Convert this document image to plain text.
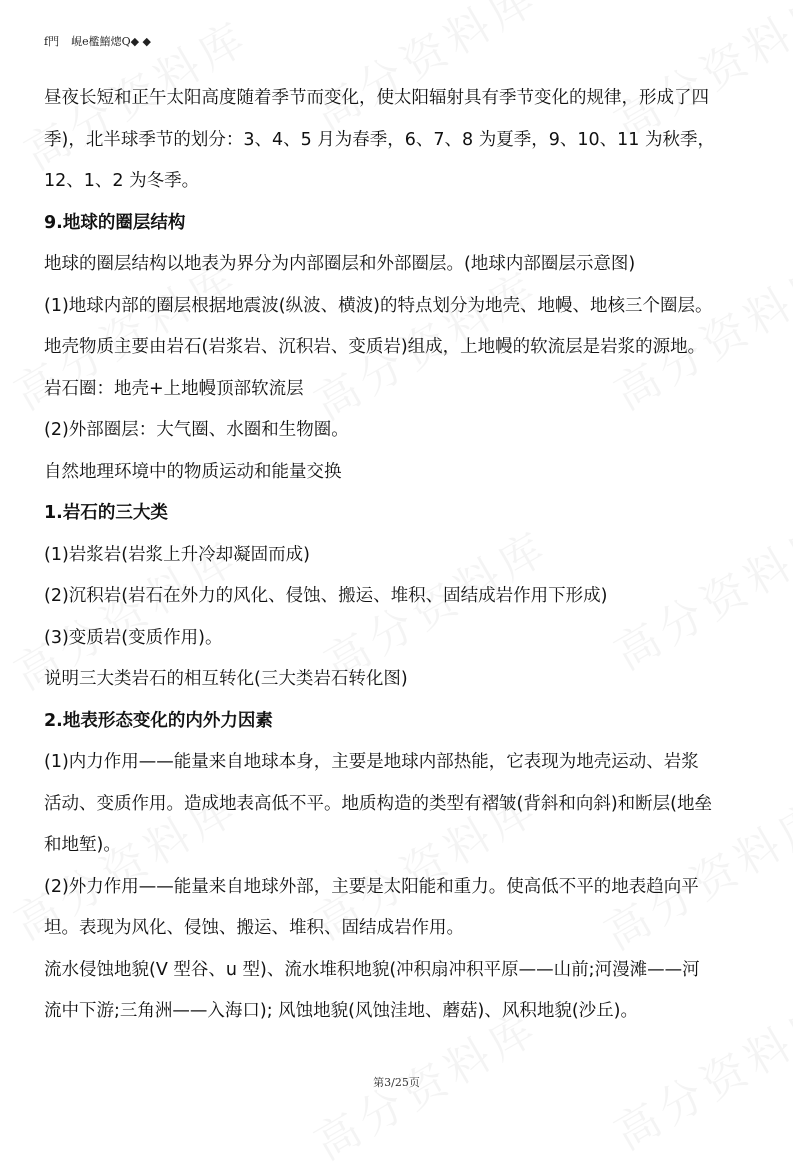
f門 峴e檻鰖熜Q◆ ◆

昼夜长短和正午太阳高度随着季节而变化，使太阳辐射具有季节变化的规律，形成了四

季)，北半球季节的划分：3、4、5 月为春季，6、7、8 为夏季，9、10、11 为秋季，

12、1、2 为冬季。

9.地球的圈层结构

地球的圈层结构以地表为界分为内部圈层和外部圈层。(地球内部圈层示意图)

(1)地球内部的圈层根据地震波(纵波、横波)的特点划分为地壳、地幔、地核三个圈层。

地壳物质主要由岩石(岩浆岩、沉积岩、变质岩)组成，上地幔的软流层是岩浆的源地。

岩石圈：地壳+上地幔顶部软流层

(2)外部圈层：大气圈、水圈和生物圈。

自然地理环境中的物质运动和能量交换

1.岩石的三大类

(1)岩浆岩(岩浆上升冷却凝固而成)

(2)沉积岩(岩石在外力的风化、侵蚀、搬运、堆积、固结成岩作用下形成)

(3)变质岩(变质作用)。

说明三大类岩石的相互转化(三大类岩石转化图)

2.地表形态变化的内外力因素

(1)内力作用——能量来自地球本身，主要是地球内部热能，它表现为地壳运动、岩浆

活动、变质作用。造成地表高低不平。地质构造的类型有褶皱(背斜和向斜)和断层(地垒

和地堑)。

(2)外力作用——能量来自地球外部，主要是太阳能和重力。使高低不平的地表趋向平

坦。表现为风化、侵蚀、搬运、堆积、固结成岩作用。

流水侵蚀地貌(V 型谷、u 型)、流水堆积地貌(冲积扇冲积平原——山前;河漫滩——河

流中下游;三角洲——入海口); 风蚀地貌(风蚀洼地、蘑菇)、风积地貌(沙丘)。

第3/25页
